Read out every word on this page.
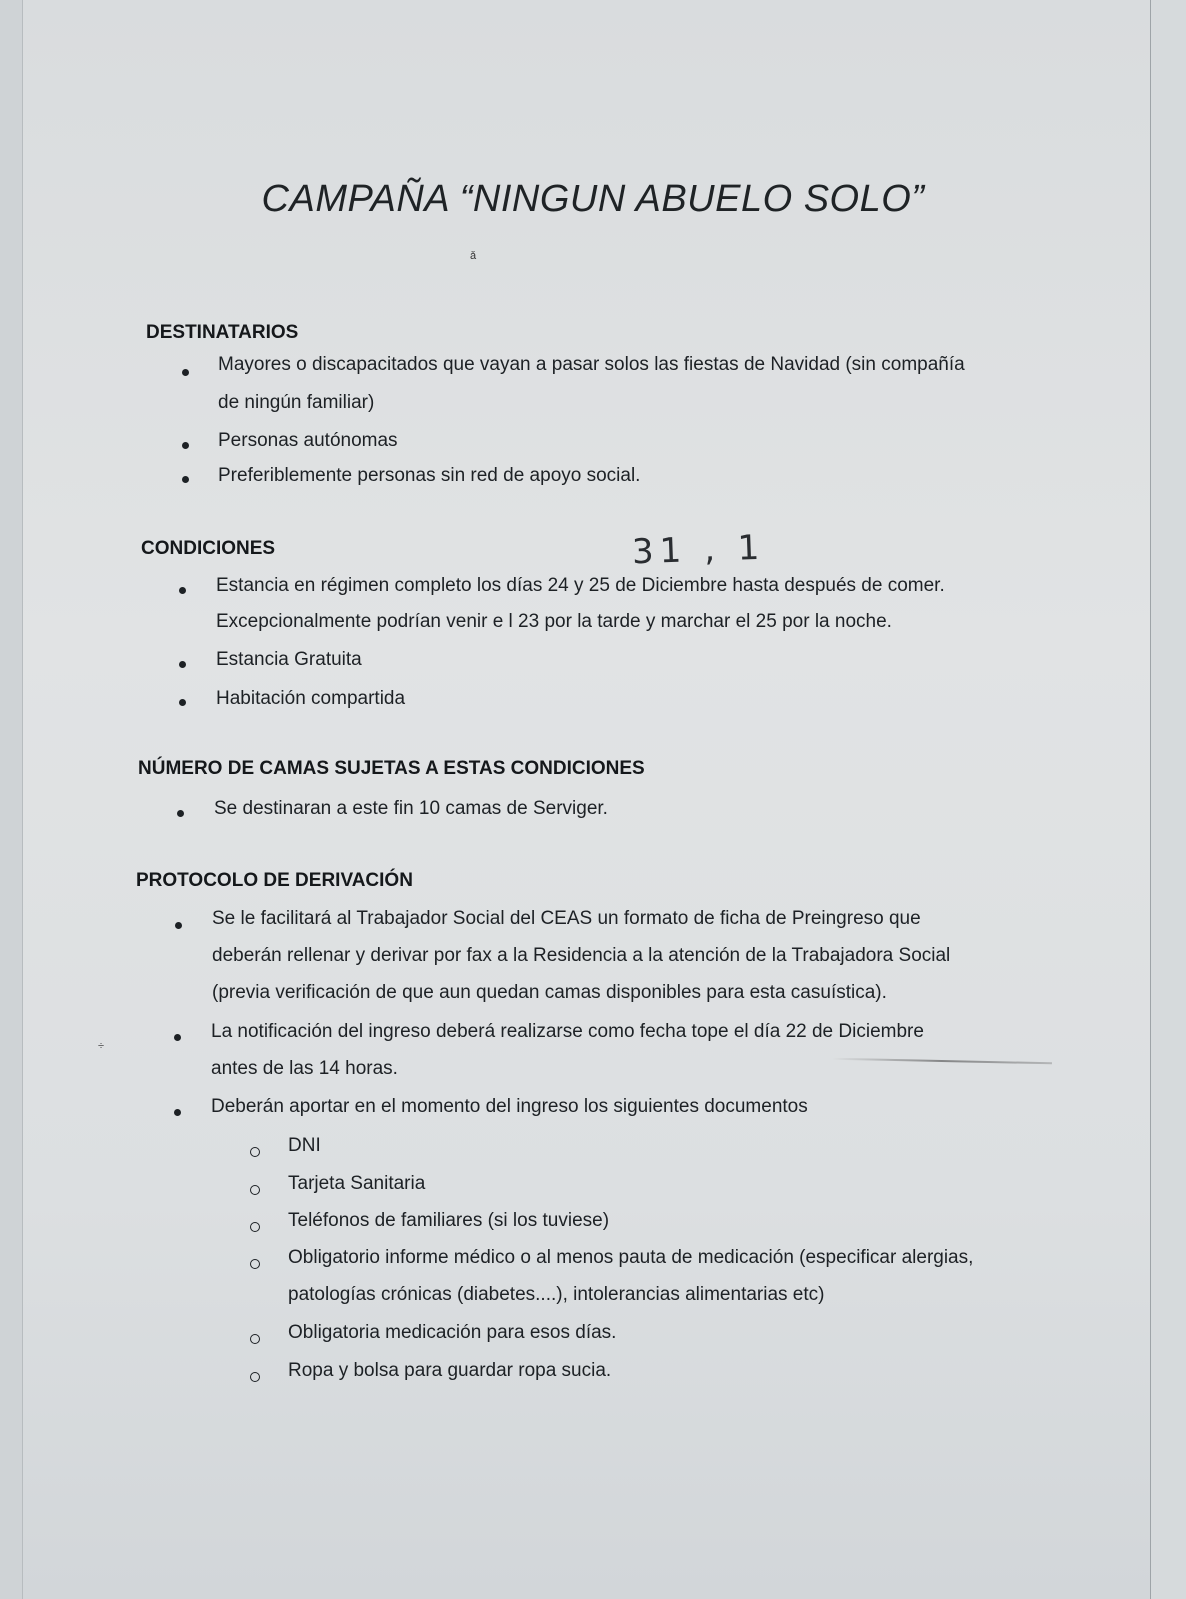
CAMPAÑA “NINGUN ABUELO SOLO”
ǎ
÷
31 , 1
DESTINATARIOS
Mayores o discapacitados que vayan a pasar solos las fiestas de Navidad (sin compañía
de ningún familiar)
Personas autónomas
Preferiblemente personas sin red de apoyo social.
CONDICIONES
Estancia en régimen completo los días 24 y 25 de Diciembre hasta después de comer.
Excepcionalmente podrían venir e l 23 por la tarde y marchar el 25 por la noche.
Estancia Gratuita
Habitación compartida
NÚMERO DE CAMAS SUJETAS A ESTAS CONDICIONES
Se destinaran a este fin 10 camas de Serviger.
PROTOCOLO DE DERIVACIÓN
Se le facilitará al Trabajador Social del CEAS un formato de ficha de Preingreso que
deberán rellenar y derivar por fax a la Residencia a la atención de la Trabajadora Social
(previa verificación de que aun quedan camas disponibles para esta casuística).
La notificación del ingreso deberá realizarse como fecha tope el día 22 de Diciembre
antes de las 14 horas.
Deberán aportar en el momento del ingreso los siguientes documentos
DNI
Tarjeta Sanitaria
Teléfonos de familiares (si los tuviese)
Obligatorio informe médico o al menos pauta de medicación (especificar alergias,
patologías crónicas (diabetes....), intolerancias alimentarias etc)
Obligatoria medicación para esos días.
Ropa y bolsa para guardar ropa sucia.
